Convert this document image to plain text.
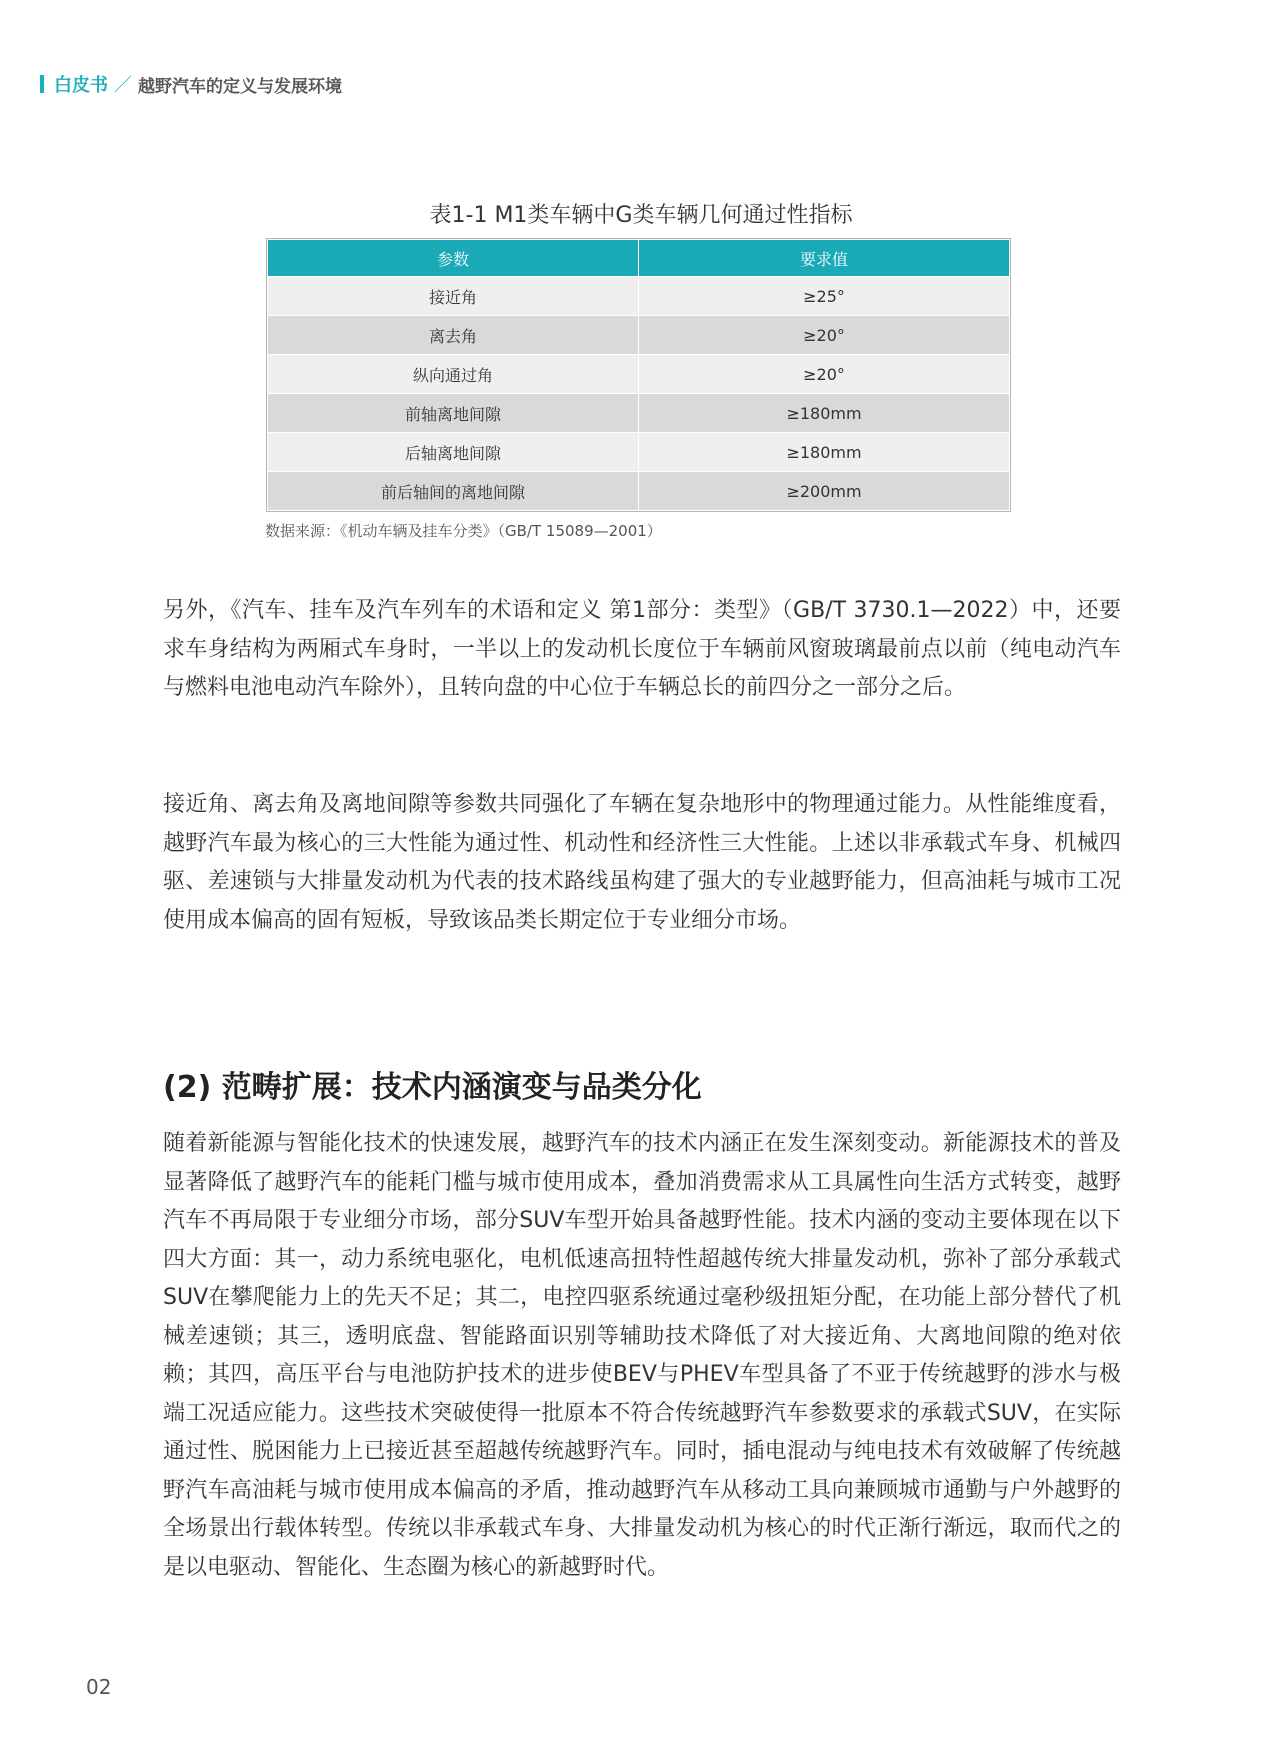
白皮书 ／ 越野汽车的定义与发展环境
表1-1 M1类车辆中G类车辆几何通过性指标
参数	要求值
接近角	≥25°
离去角	≥20°
纵向通过角	≥20°
前轴离地间隙	≥180mm
后轴离地间隙	≥180mm
前后轴间的离地间隙	≥200mm
数据来源：《机动车辆及挂车分类》（GB/T 15089—2001）

另外，《汽车、挂车及汽车列车的术语和定义 第1部分：类型》（GB/T 3730.1—2022）中，还要求车身结构为两厢式车身时，一半以上的发动机长度位于车辆前风窗玻璃最前点以前（纯电动汽车与燃料电池电动汽车除外），且转向盘的中心位于车辆总长的前四分之一部分之后。

接近角、离去角及离地间隙等参数共同强化了车辆在复杂地形中的物理通过能力。从性能维度看，越野汽车最为核心的三大性能为通过性、机动性和经济性三大性能。上述以非承载式车身、机械四驱、差速锁与大排量发动机为代表的技术路线虽构建了强大的专业越野能力，但高油耗与城市工况使用成本偏高的固有短板，导致该品类长期定位于专业细分市场。

(2) 范畴扩展：技术内涵演变与品类分化

随着新能源与智能化技术的快速发展，越野汽车的技术内涵正在发生深刻变动。新能源技术的普及显著降低了越野汽车的能耗门槛与城市使用成本，叠加消费需求从工具属性向生活方式转变，越野汽车不再局限于专业细分市场，部分SUV车型开始具备越野性能。技术内涵的变动主要体现在以下四大方面：其一，动力系统电驱化，电机低速高扭特性超越传统大排量发动机，弥补了部分承载式SUV在攀爬能力上的先天不足；其二，电控四驱系统通过毫秒级扭矩分配，在功能上部分替代了机械差速锁；其三，透明底盘、智能路面识别等辅助技术降低了对大接近角、大离地间隙的绝对依赖；其四，高压平台与电池防护技术的进步使BEV与PHEV车型具备了不亚于传统越野的涉水与极端工况适应能力。这些技术突破使得一批原本不符合传统越野汽车参数要求的承载式SUV，在实际通过性、脱困能力上已接近甚至超越传统越野汽车。同时，插电混动与纯电技术有效破解了传统越野汽车高油耗与城市使用成本偏高的矛盾，推动越野汽车从移动工具向兼顾城市通勤与户外越野的全场景出行载体转型。传统以非承载式车身、大排量发动机为核心的时代正渐行渐远，取而代之的是以电驱动、智能化、生态圈为核心的新越野时代。

02
